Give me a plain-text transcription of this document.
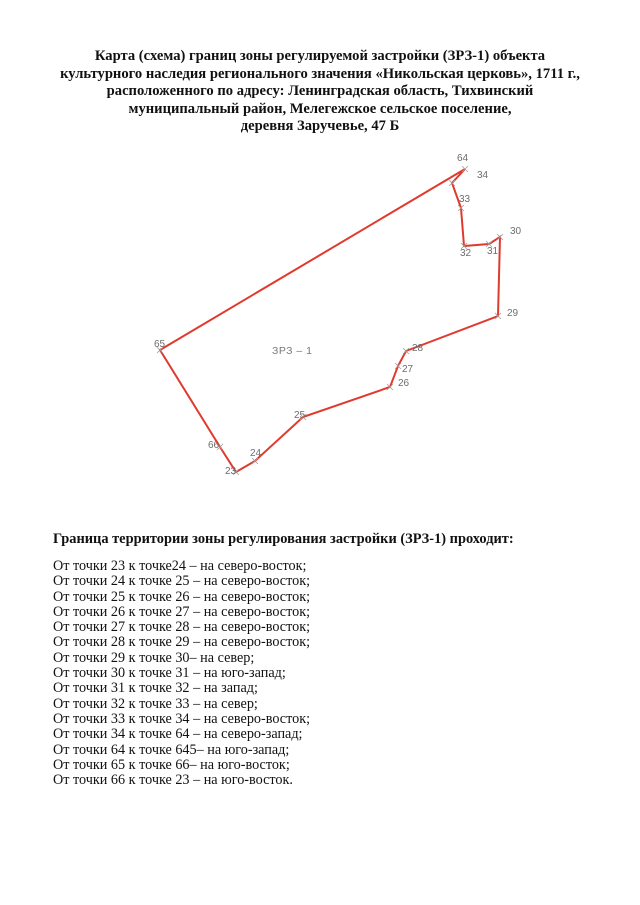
Карта (схема) границ зоны регулируемой застройки (ЗРЗ-1) объекта
культурного наследия регионального значения «Никольская церковь», 1711 г.,
расположенного по адресу: Ленинградская область, Тихвинский
муниципальный район, Мелегежское сельское поселение,
деревня Заручевье, 47 Б
ЗРЗ – 1
23
24
25
26
27
28
29
30
31
32
33
34
64
65
66
Граница территории зоны регулирования застройки (ЗРЗ-1) проходит:
От точки 23 к точке24 – на северо-восток;
От точки 24 к точке 25 – на северо-восток;
От точки 25 к точке 26 – на северо-восток;
От точки 26 к точке 27 – на северо-восток;
От точки 27 к точке 28 – на северо-восток;
От точки 28 к точке 29 – на северо-восток;
От точки 29 к точке 30– на север;
От точки 30 к точке 31 – на юго-запад;
От точки 31 к точке 32 – на запад;
От точки 32 к точке 33 – на север;
От точки 33 к точке 34 – на северо-восток;
От точки 34 к точке 64 – на северо-запад;
От точки 64 к точке 645– на юго-запад;
От точки 65 к точке 66– на юго-восток;
От точки 66 к точке 23 – на юго-восток.
